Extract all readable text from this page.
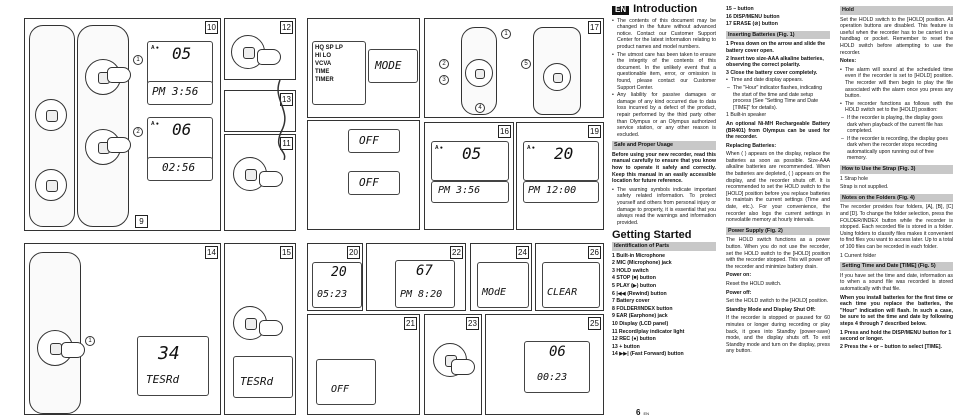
10
9
1
2
A ● 05
PM 3:56
A ● 06
02:56
12
13
11
HQ SP LP
HI LO
VCVA
TIME
TIMER
MODE
OFF
OFF
17
1
2
3
4
5
16
A ● 05
PM 3:56
19
A ● 20
PM 12:00
14
1
34
TESRd
15
TESRd
20
20
05:23
22
67
PM 8:20
24
MOdE
26
CLEAR
21
OFF
23	25
06
00:23
EN Introduction
• The contents of this document may be changed in the future without advanced notice. Contact our Customer Support Center for the latest information relating to product names and model numbers.
• The utmost care has been taken to ensure the integrity of the contents of this document. In the unlikely event that a questionable item, error, or omission is found, please contact our Customer Support Center.
• Any liability for passive damages or damage of any kind occurred due to data loss incurred by a defect of the product, repair performed by the third party other than Olympus or an Olympus authorized service station, or any other reason is excluded.
Safe and Proper Usage
Before using your new recorder, read this manual carefully to ensure that you know how to operate it safely and correctly. Keep this manual in an easily accessible location for future reference.
• The warning symbols indicate important safety related information. To protect yourself and others from personal injury or damage to property, it is essential that you always read the warnings and information provided.
Getting Started
Identification of Parts
1 Built-in Microphone
2 MIC (Microphone) jack
3 HOLD switch
4 STOP (■) button
5 PLAY (▶) button
6 |◀◀ (Rewind) button
7 Battery cover
8 FOLDER/INDEX button
9 EAR (Earphone) jack
10 Display (LCD panel)
11 Record/play indicator light
12 REC (●) button
13 + button
14 ▶▶| (Fast Forward) button
15 – button
16 DISP/MENU button
17 ERASE (⊘) button
Inserting Batteries (Fig. 1)
1 Press down on the arrow and slide the battery cover open.
2 Insert two size-AAA alkaline batteries, observing the correct polarity.
3 Close the battery cover completely.
• Time and date display appears.
– The "Hour" indicator flashes, indicating the start of the time and date setup process (See "Setting Time and Date [TIME]" for details).
1 Built-in speaker
An optional Ni-MH Rechargeable Battery (BR401) from Olympus can be used for the recorder.
Replacing Batteries:
When ( ) appears on the display, replace the batteries as soon as possible. Size-AAA alkaline batteries are recommended. When the batteries are depleted, ( ) appears on the display, and the recorder shuts off. It is recommended to set the HOLD switch to the [HOLD] position before you replace batteries to maintain the current settings (Time and date, etc.). For your convenience, the recorder also logs the current settings in nonvolatile memory at hourly intervals.
Power Supply (Fig. 2)
The HOLD switch functions as a power button. When you do not use the recorder, set the HOLD switch to the [HOLD] position with the recorder stopped. This will power off the recorder and minimize battery drain.
Power on:
Reset the HOLD switch.
Power off:
Set the HOLD switch to the [HOLD] position.
Standby Mode and Display Shut Off:
If the recorder is stopped or paused for 60 minutes or longer during recording or play back, it goes into Standby (power-save) mode, and the display shuts off. To exit Standby mode and turn on the display, press any button.
Hold
Set the HOLD switch to the [HOLD] position. All operation buttons are disabled. This feature is useful when the recorder has to be carried in a handbag or pocket. Remember to reset the HOLD switch before attempting to use the recorder.
Notes:
• The alarm will sound at the scheduled time even if the recorder is set to [HOLD] position. The recorder will then begin to play the file associated with the alarm once you press any button.
• The recorder functions as follows with the HOLD switch set to the [HOLD] position:
– If the recorder is playing, the display goes dark when playback of the current file has completed.
– If the recorder is recording, the display goes dark when the recorder stops recording automatically upon running out of free memory.
How to Use the Strap (Fig. 3)
1 Strap hole
Strap is not supplied.
Notes on the Folders (Fig. 4)
The recorder provides four folders, [A], [B], [C] and [D]. To change the folder selection, press the FOLDER/INDEX button while the recorder is stopped. Each recorded file is stored in a folder. Using folders to classify files makes it convenient to find files you want to access later. Up to a total of 100 files can be recorded in each folder.
1 Current folder
Setting Time and Date [TIME] (Fig. 5)
If you have set the time and date, information as to when a sound file was recorded is stored automatically with that file.
When you install batteries for the first time or each time you replace the batteries, the "Hour" indication will flash. In such a case, be sure to set the time and date by following steps 4 through 7 described below.
1 Press and hold the DISP/MENU button for 1 second or longer.
2 Press the + or – button to select [TIME].
6 EN
